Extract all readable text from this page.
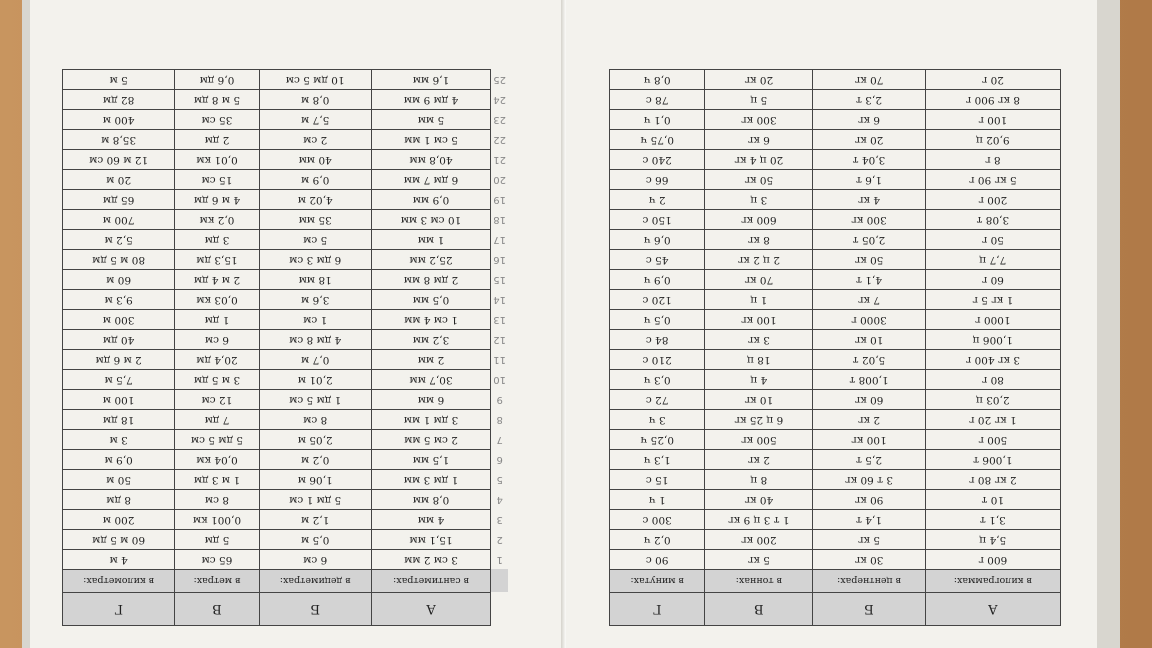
	А	Б	В	Г
	в сантиметрах:	в дециметрах:	в метрах:	в километрах:
1	3 см 2 мм	6 см	65 см	4 м
2	15,1 мм	0,5 м	5 дм	60 м 5 дм
3	4 мм	1,2 м	0,001 км	200 м
4	0,8 мм	5 дм 1 см	8 см	8 дм
5	1 дм 3 мм	1,06 м	1 м 3 дм	50 м
6	1,5 мм	0,2 м	0,04 км	0,9 м
7	2 см 5 мм	2,05 м	5 дм 5 см	3 м
8	3 дм 1 мм	8 см	7 дм	18 дм
9	6 мм	1 дм 5 см	12 см	100 м
10	30,7 мм	2,01 м	3 м 5 дм	7,5 м
11	2 мм	0,7 м	20,4 дм	2 м 6 дм
12	3,2 мм	4 дм 8 см	6 см	40 дм
13	1 см 4 мм	1 см	1 дм	300 м
14	0,5 мм	3,6 м	0,03 км	9,3 м
15	2 дм 8 мм	18 мм	2 м 4 дм	60 м
16	25,2 мм	6 дм 3 см	15,3 дм	80 м 5 дм
17	1 мм	5 см	3 дм	5,2 м
18	10 см 3 мм	35 мм	0,2 км	700 м
19	0,9 мм	4,02 м	4 м 6 дм	65 дм
20	6 дм 7 мм	0,9 м	15 см	20 м
21	40,8 мм	40 мм	0,01 км	12 м 60 см
22	5 см 1 мм	2 см	2 дм	35,8 м
23	5 мм	5,7 м	35 см	400 м
24	4 дм 9 мм	0,8 м	5 м 8 дм	82 дм
25	1,6 мм	10 дм 5 см	0,6 дм	5 м
А	Б	В	Г
в килограммах:	в центнерах:	в тоннах:	в минутах:
600 г	30 кг	5 кг	90 с
5,4 ц	5 кг	200 кг	0,2 ч
3,1 т	1,4 т	1 т 3 ц 9 кг	300 с
10 т	90 кг	40 кг	1 ч
2 кг 80 г	3 т 60 кг	8 ц	15 с
1,006 т	2,5 т	2 кг	1,3 ч
500 г	100 кг	500 кг	0,25 ч
1 кг 20 г	2 кг	6 ц 25 кг	3 ч
2,03 ц	60 кг	10 кг	72 с
80 г	1,008 т	4 ц	0,3 ч
3 кг 400 г	5,02 т	18 ц	210 с
1,006 ц	10 кг	3 кг	84 с
1000 г	3000 г	100 кг	0,5 ч
1 кг 5 г	7 кг	1 ц	120 с
60 г	4,1 т	70 кг	0,9 ч
7,7 ц	50 кг	2 ц 2 кг	45 с
50 г	2,05 т	8 кг	0,6 ч
3,08 т	300 кг	600 кг	150 с
200 г	4 кг	3 ц	2 ч
5 кг 90 г	1,6 т	50 кг	66 с
8 г	3,04 т	20 ц 4 кг	240 с
9,02 ц	20 кг	6 кг	0,75 ч
100 г	6 кг	300 кг	0,1 ч
8 кг 900 г	2,3 т	5 ц	78 с
20 г	70 кг	20 кг	0,8 ч
